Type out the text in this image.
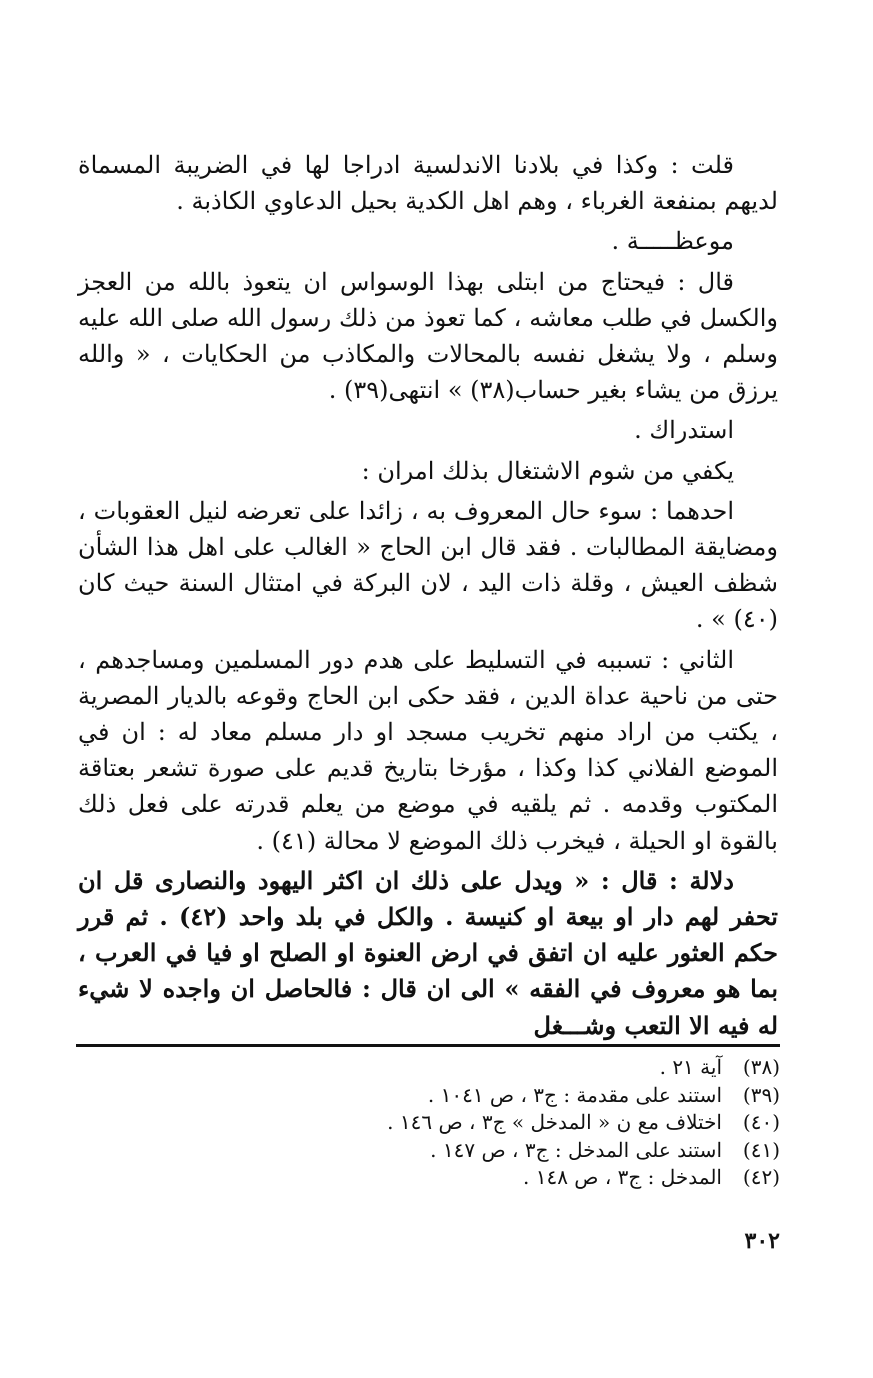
قلت : وكذا في بلادنا الاندلسية ادراجا لها في الضريبة المسماة لديهم بمنفعة الغرباء ، وهم اهل الكدية بحيل الدعاوي الكاذبة .

موعظـــــة .

قال : فيحتاج من ابتلى بهذا الوسواس ان يتعوذ بالله من العجز والكسل في طلب معاشه ، كما تعوذ من ذلك رسول الله صلى الله عليه وسلم ، ولا يشغل نفسه بالمحالات والمكاذب من الحكايات ، « والله يرزق من يشاء بغير حساب(٣٨) » انتهى(٣٩) .

استدراك .

يكفي من شوم الاشتغال بذلك امران :

احدهما : سوء حال المعروف به ، زائدا على تعرضه لنيل العقوبات ، ومضايقة المطالبات . فقد قال ابن الحاج « الغالب على اهل هذا الشأن شظف العيش ، وقلة ذات اليد ، لان البركة في امتثال السنة حيث كان (٤٠) » .

الثاني : تسببه في التسليط على هدم دور المسلمين ومساجدهم ، حتى من ناحية عداة الدين ، فقد حكى ابن الحاج وقوعه بالديار المصرية ، يكتب من اراد منهم تخريب مسجد او دار مسلم معاد له : ان في الموضع الفلاني كذا وكذا ، مؤرخا بتاريخ قديم على صورة تشعر بعتاقة المكتوب وقدمه . ثم يلقيه في موضع من يعلم قدرته على فعل ذلك بالقوة او الحيلة ، فيخرب ذلك الموضع لا محالة (٤١) .

دلالة : قال : « ويدل على ذلك ان اكثر اليهود والنصارى قل ان تحفر لهم دار او بيعة او كنيسة . والكل في بلد واحد (٤٢) . ثم قرر حكم العثور عليه ان اتفق في ارض العنوة او الصلح او فيا في العرب ، بما هو معروف في الفقه » الى ان قال : فالحاصل ان واجده لا شيء له فيه الا التعب وشـــغل

(٣٨)
آية ٢١ .
(٣٩)
استند على مقدمة : ج٣ ، ص ١٠٤١ .
(٤٠)
اختلاف مع ن « المدخل » ج٣ ، ص ١٤٦ .
(٤١)
استند على المدخل : ج٣ ، ص ١٤٧ .
(٤٢)
المدخل : ج٣ ، ص ١٤٨ .
٣٠٢
